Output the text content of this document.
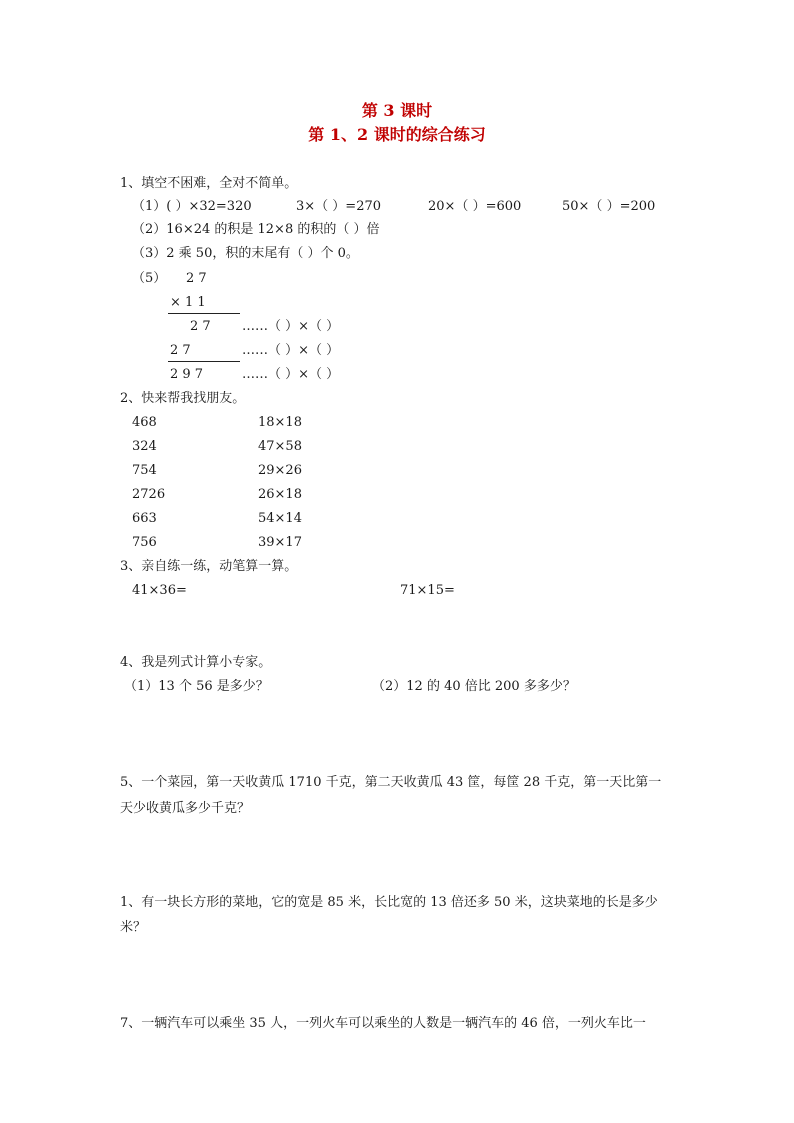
第 3 课时
第 1、2 课时的综合练习
1、填空不困难，全对不简单。
（1）( ）×32=320	3×（ ）=270	20×（ ）=600	50×（ ）=200
（2）16×24 的积是 12×8 的积的（ ）倍
（3）2 乘 50，积的末尾有（ ）个 0。
（5） 2 7
× 1 1
2 7 ……（ ）×（ ）
2 7	……（ ）×（ ）
2 9 7	……（ ）×（ ）
2、快来帮我找朋友。
468	18×18
324	47×58
754	29×26
2726	26×18
663	54×14
756	39×17
3、亲自练一练，动笔算一算。
41×36=	71×15=
4、我是列式计算小专家。
（1）13 个 56 是多少？	（2）12 的 40 倍比 200 多多少？
5、一个菜园，第一天收黄瓜 1710 千克，第二天收黄瓜 43 筐，每筐 28 千克，第一天比第一
天少收黄瓜多少千克？
1、有一块长方形的菜地，它的宽是 85 米，长比宽的 13 倍还多 50 米，这块菜地的长是多少
米？
7、一辆汽车可以乘坐 35 人，一列火车可以乘坐的人数是一辆汽车的 46 倍，一列火车比一
